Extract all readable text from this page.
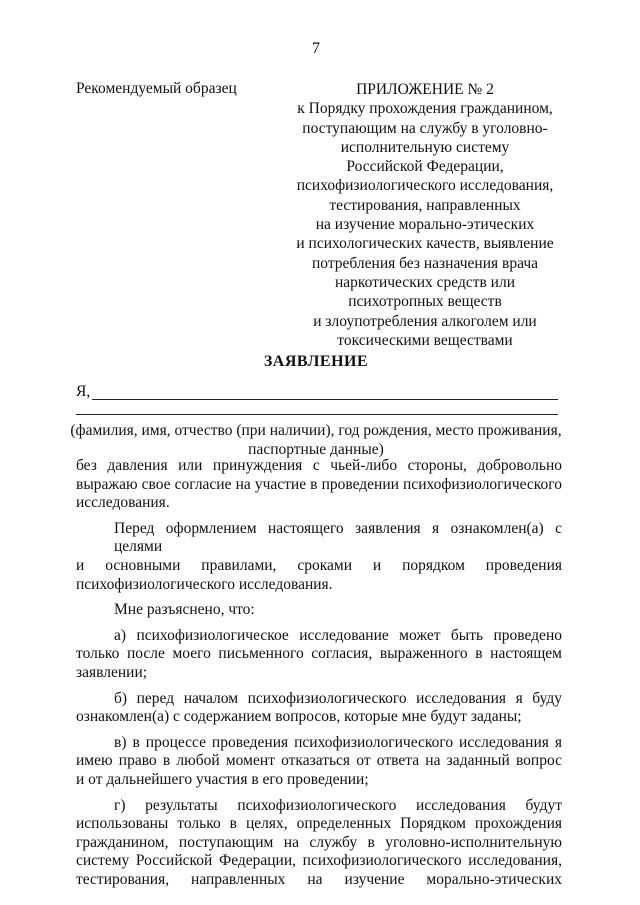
7
Рекомендуемый образец	ПРИЛОЖЕНИЕ № 2
к Порядку прохождения гражданином,
поступающим на службу в уголовно-
исполнительную систему
Российской Федерации,
психофизиологического исследования,
тестирования, направленных
на изучение морально-этических
и психологических качеств, выявление
потребления без назначения врача
наркотических средств или
психотропных веществ
и злоупотребления алкоголем или
токсическими веществами
ЗАЯВЛЕНИЕ
Я,
(фамилия, имя, отчество (при наличии), год рождения, место проживания,
паспортные данные)
без давления или принуждения с чьей-либо стороны, добровольно
выражаю свое согласие на участие в проведении психофизиологического
исследования.
Перед оформлением настоящего заявления я ознакомлен(а) с целями
и основными правилами, сроками и порядком проведения
психофизиологического исследования.
Мне разъяснено, что:
а) психофизиологическое исследование может быть проведено
только после моего письменного согласия, выраженного в настоящем
заявлении;
б) перед началом психофизиологического исследования я буду
ознакомлен(а) с содержанием вопросов, которые мне будут заданы;
в) в процессе проведения психофизиологического исследования я
имею право в любой момент отказаться от ответа на заданный вопрос
и от дальнейшего участия в его проведении;
г) результаты психофизиологического исследования будут
использованы только в целях, определенных Порядком прохождения
гражданином, поступающим на службу в уголовно-исполнительную
систему Российской Федерации, психофизиологического исследования,
тестирования, направленных на изучение морально-этических
